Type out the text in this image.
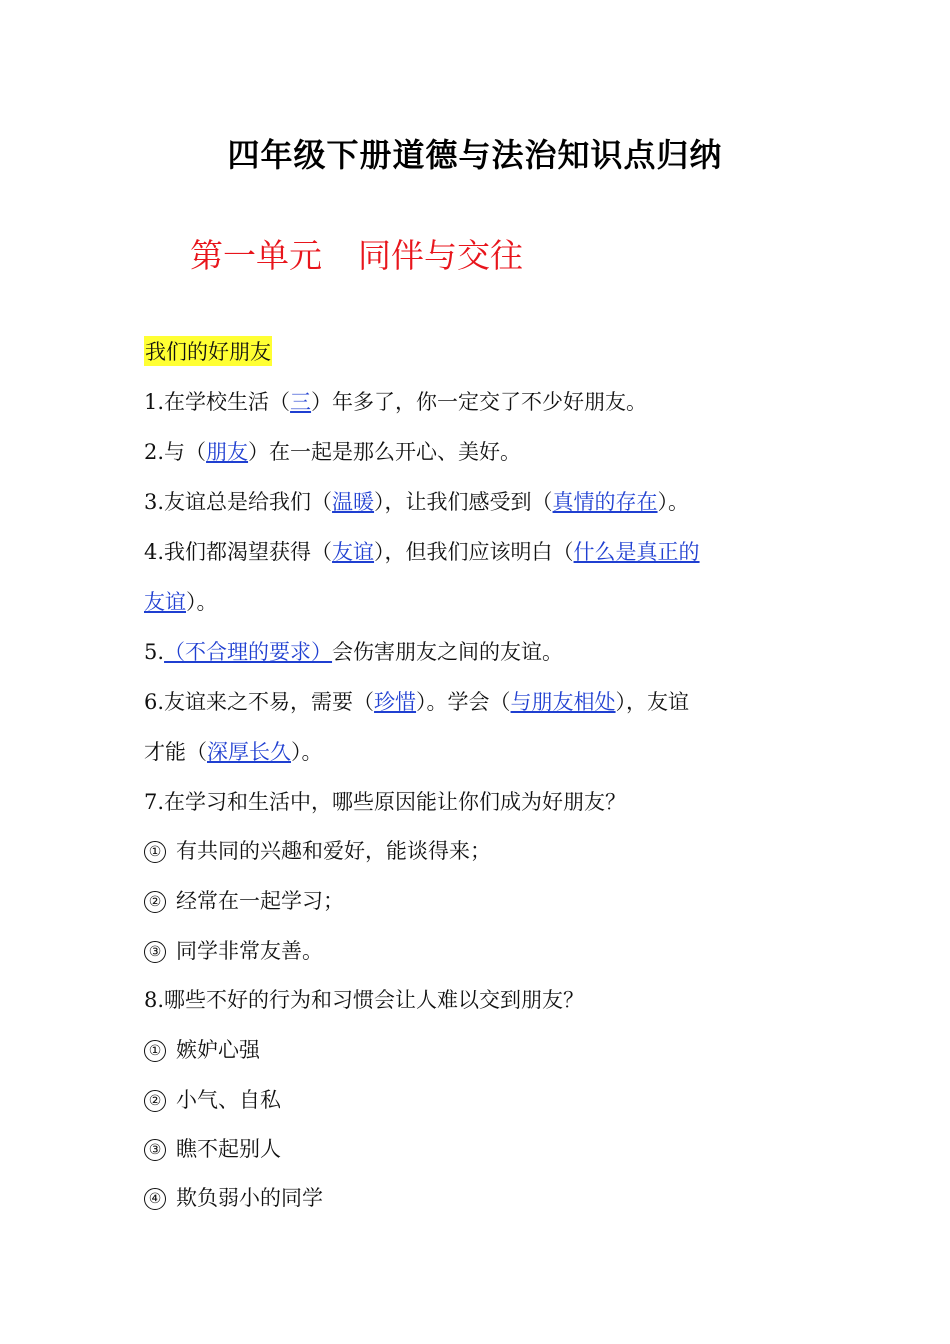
四年级下册道德与法治知识点归纳
第一单元 同伴与交往
我们的好朋友
1.在学校生活（三）年多了，你一定交了不少好朋友。
2.与（朋友）在一起是那么开心、美好。
3.友谊总是给我们（温暖），让我们感受到（真情的存在）。
4.我们都渴望获得（友谊），但我们应该明白（什么是真正的
友谊）。
5.（不合理的要求）会伤害朋友之间的友谊。
6.友谊来之不易，需要（珍惜）。学会（与朋友相处），友谊
才能（深厚长久）。
7.在学习和生活中，哪些原因能让你们成为好朋友？
① 有共同的兴趣和爱好，能谈得来；
② 经常在一起学习；
③ 同学非常友善。
8.哪些不好的行为和习惯会让人难以交到朋友？
① 嫉妒心强
② 小气、自私
③ 瞧不起别人
④ 欺负弱小的同学
